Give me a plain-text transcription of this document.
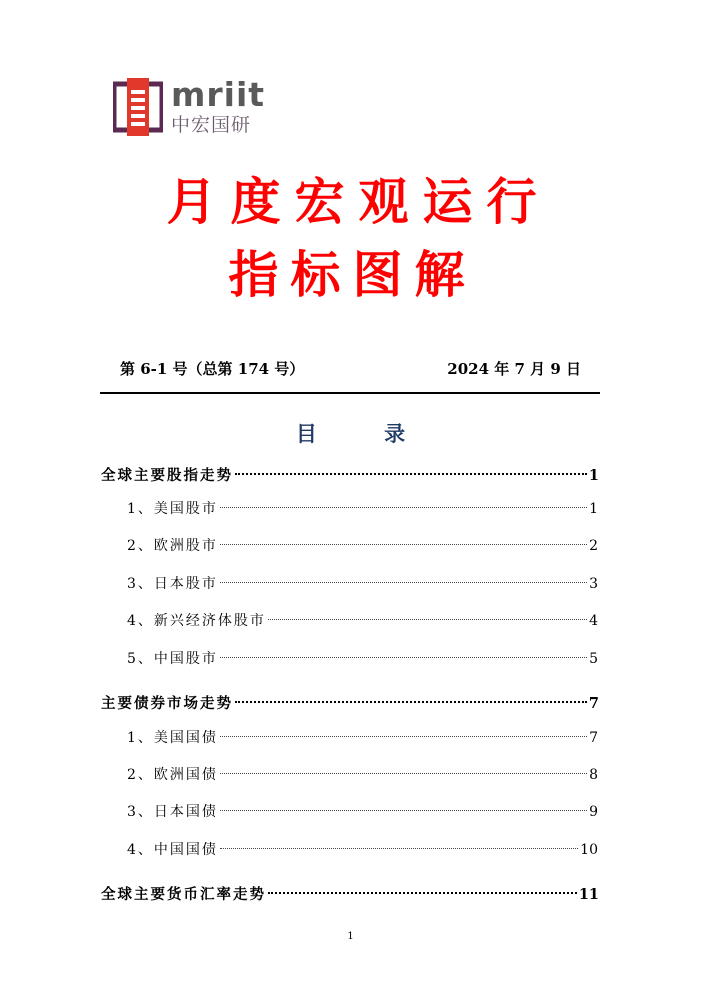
mriit
中宏国研
月度宏观运行
指标图解
第 6-1 号（总第 174 号）	2024 年 7 月 9 日
目 录
全球主要股指走势	1
1、美国股市	1
2、欧洲股市	2
3、日本股市	3
4、新兴经济体股市	4
5、中国股市	5
主要债券市场走势	7
1、美国国债	7
2、欧洲国债	8
3、日本国债	9
4、中国国债	10
全球主要货币汇率走势	11
1
